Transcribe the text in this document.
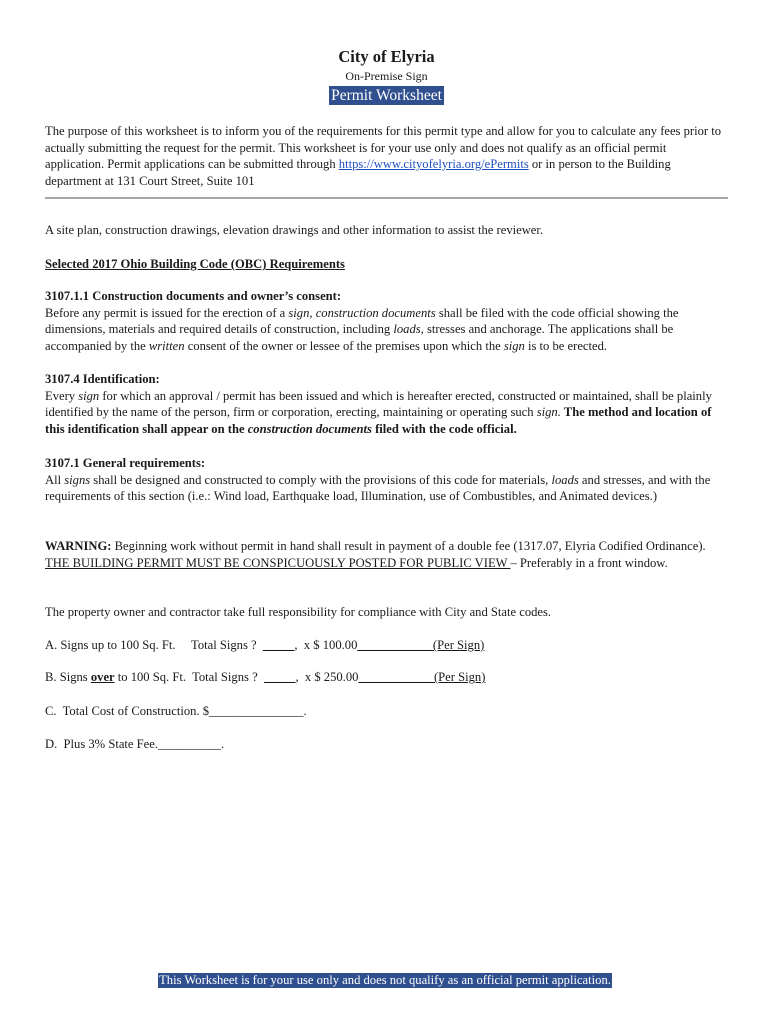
City of Elyria
On-Premise Sign
Permit Worksheet

The purpose of this worksheet is to inform you of the requirements for this permit type and allow for you to calculate any fees prior to actually submitting the request for the permit. This worksheet is for your use only and does not qualify as an official permit application. Permit applications can be submitted through https://www.cityofelyria.org/ePermits or in person to the Building department at 131 Court Street, Suite 101

A site plan, construction drawings, elevation drawings and other information to assist the reviewer.

Selected 2017 Ohio Building Code (OBC) Requirements

3107.1.1 Construction documents and owner’s consent:

Before any permit is issued for the erection of a sign, construction documents shall be filed with the code official showing the dimensions, materials and required details of construction, including loads, stresses and anchorage. The applications shall be accompanied by the written consent of the owner or lessee of the premises upon which the sign is to be erected.

3107.4 Identification:

Every sign for which an approval / permit has been issued and which is hereafter erected, constructed or maintained, shall be plainly identified by the name of the person, firm or corporation, erecting, maintaining or operating such sign. The method and location of this identification shall appear on the construction documents filed with the code official.

3107.1 General requirements:

All signs shall be designed and constructed to comply with the provisions of this code for materials, loads and stresses, and with the requirements of this section (i.e.: Wind load, Earthquake load, Illumination, use of Combustibles, and Animated devices.)

WARNING: Beginning work without permit in hand shall result in payment of a double fee (1317.07, Elyria Codified Ordinance). THE BUILDING PERMIT MUST BE CONSPICUOUSLY POSTED FOR PUBLIC VIEW – Preferably in a front window.

The property owner and contractor take full responsibility for compliance with City and State codes.

A. Signs up to 100 Sq. Ft.     Total Signs ?  _____,  x $ 100.00____________(Per Sign)

B. Signs over to 100 Sq. Ft.  Total Signs ?  _____,  x $ 250.00____________(Per Sign)

C.  Total Cost of Construction. $_______________.

D.  Plus 3% State Fee.__________.

This Worksheet is for your use only and does not qualify as an official permit application.
